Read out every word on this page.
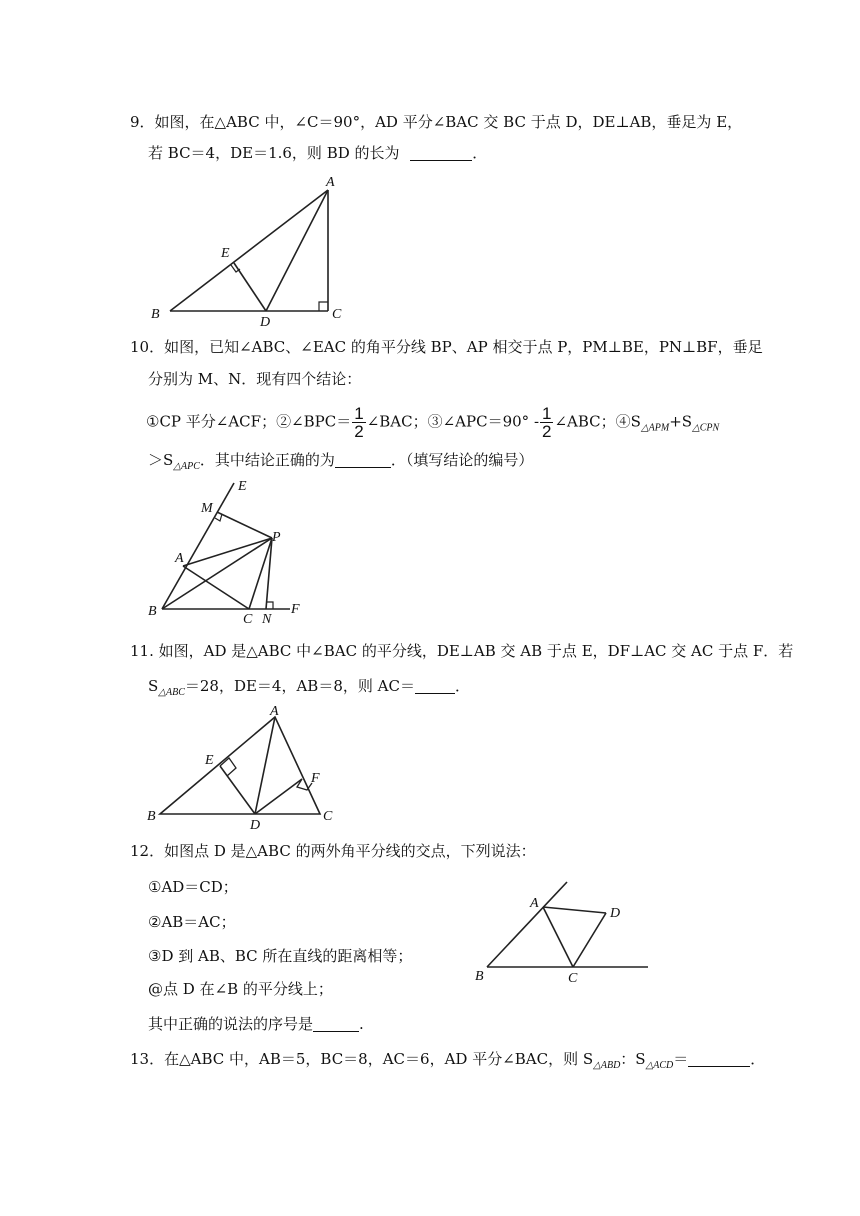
9．如图，在△ABC 中，∠C＝90°，AD 平分∠BAC 交 BC 于点 D，DE⊥AB，垂足为 E，
若 BC＝4，DE＝1.6，则 BD 的长为	．
A
B	C
D
E
10．如图，已知∠ABC、∠EAC 的角平分线 BP、AP 相交于点 P，PM⊥BE，PN⊥BF，垂足
分别为 M、N．现有四个结论：
①CP 平分∠ACF；②∠BPC＝ $\frac{1}{2}$ ∠BAC；③∠APC＝90° - $\frac{1}{2}$ ∠ABC；$④S_{\triangle APM}+S_{\triangle CPN}$
$>S_{\triangle APC}$．其中结论正确的为	．（填写结论的编号）
E
M
A
P
B
C N
F
11. 如图，AD 是△ABC 中∠BAC 的平分线，DE⊥AB 交 AB 于点 E，DF⊥AC 交 AC 于点 F．若
$S_{\triangle ABC}=28$，DE＝4，AB＝8，则 AC＝	．
A
B	C
D
E
F
12．如图点 D 是△ABC 的两外角平分线的交点，下列说法：
①AD＝CD；
②AB＝AC；
③D 到 AB、BC 所在直线的距离相等；
@点 D 在∠B 的平分线上；
其中正确的说法的序号是	.
A
B	C
D
13．在△ABC 中，AB＝5，BC＝8，AC＝6，AD 平分∠BAC，则 $S_{\triangle ABD}$：$S_{\triangle ACD}=$	．
